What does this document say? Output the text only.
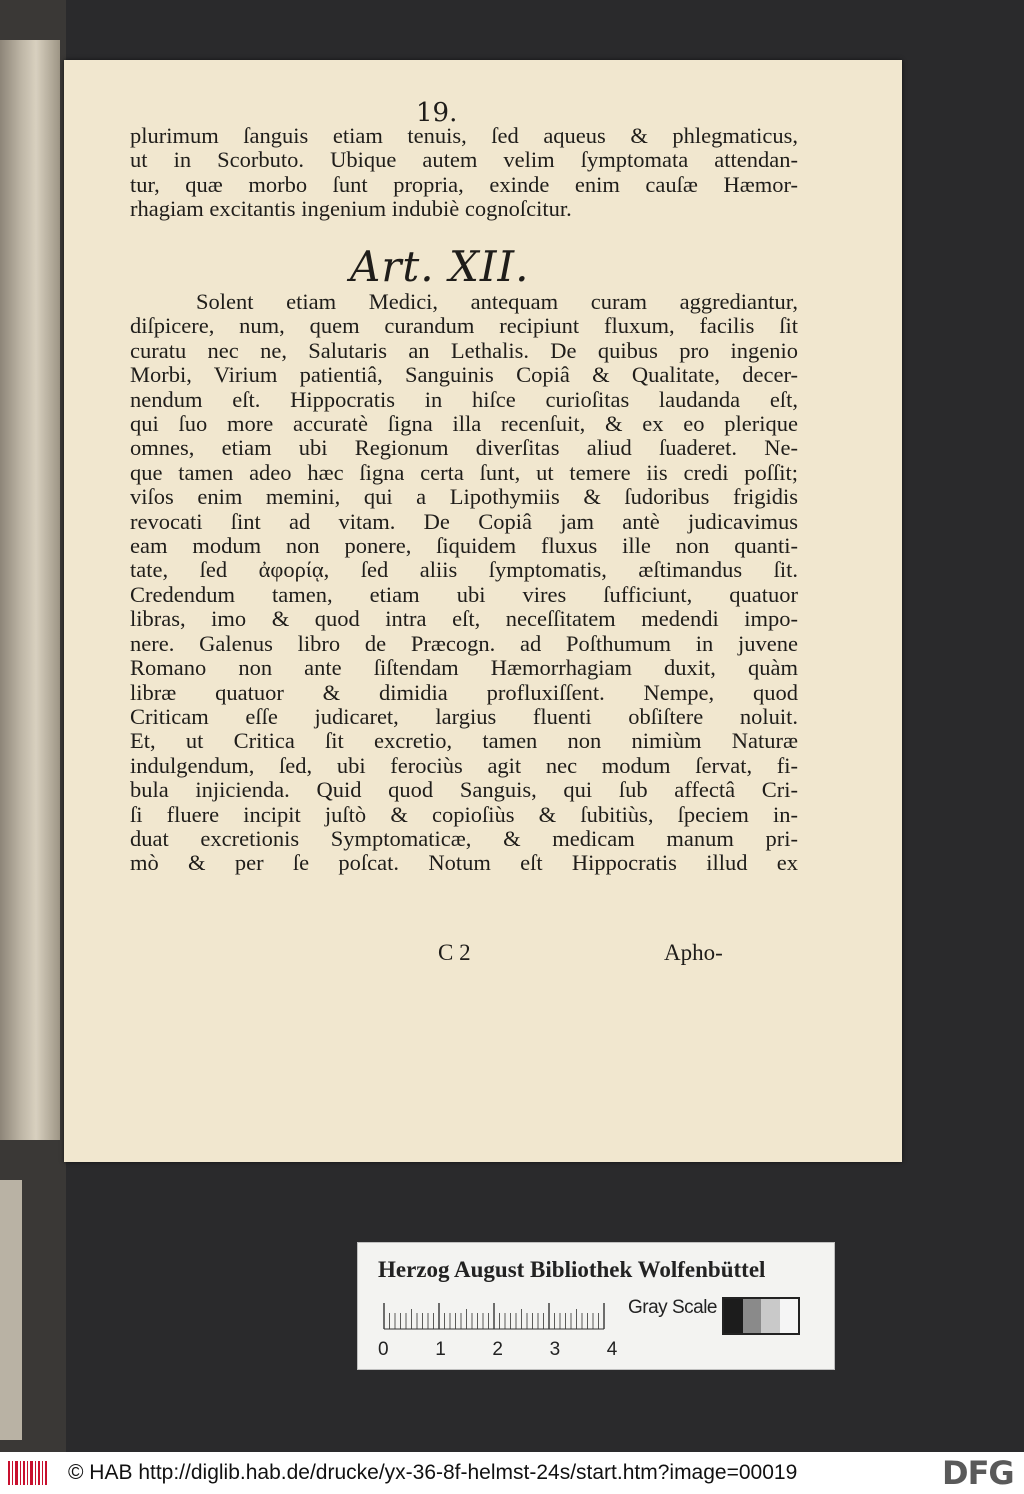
19.
plurimum ſanguis etiam tenuis, ſed aqueus & phlegmaticus,
ut in Scorbuto. Ubique autem velim ſymptomata attendan-
tur, quæ morbo ſunt propria, exinde enim cauſæ Hæmor-
rhagiam excitantis ingenium indubiè cognoſcitur.
Art. XII.
Solent etiam Medici, antequam curam aggrediantur,
diſpicere, num, quem curandum recipiunt fluxum, facilis ſit
curatu nec ne, Salutaris an Lethalis. De quibus pro ingenio
Morbi, Virium patientiâ, Sanguinis Copiâ & Qualitate, decer-
nendum eſt. Hippocratis in hiſce curioſitas laudanda eſt,
qui ſuo more accuratè ſigna illa recenſuit, & ex eo plerique
omnes, etiam ubi Regionum diverſitas aliud ſuaderet. Ne-
que tamen adeo hæc ſigna certa ſunt, ut temere iis credi poſſit;
viſos enim memini, qui a Lipothymiis & ſudoribus frigidis
revocati ſint ad vitam. De Copiâ jam antè judicavimus
eam modum non ponere, ſiquidem fluxus ille non quanti-
tate, ſed ἀφορίᾳ, ſed aliis ſymptomatis, æſtimandus ſit.
Credendum tamen, etiam ubi vires ſufficiunt, quatuor
libras, imo & quod intra eſt, neceſſitatem medendi impo-
nere. Galenus libro de Præcogn. ad Poſthumum in juvene
Romano non ante ſiſtendam Hæmorrhagiam duxit, quàm
libræ quatuor & dimidia profluxiſſent. Nempe, quod
Criticam eſſe judicaret, largius fluenti obſiſtere noluit.
Et, ut Critica ſit excretio, tamen non nimiùm Naturæ
indulgendum, ſed, ubi ferociùs agit nec modum ſervat, fi-
bula injicienda. Quid quod Sanguis, qui ſub affectâ Cri-
ſi fluere incipit juſtò & copioſiùs & ſubitiùs, ſpeciem in-
duat excretionis Symptomaticæ, & medicam manum pri-
mò & per ſe poſcat. Notum eſt Hippocratis illud ex
C 2	Apho-
Herzog August Bibliothek Wolfenbüttel
0 1 2 3 4
Gray Scale
© HAB http://diglib.hab.de/drucke/yx-36-8f-helmst-24s/start.htm?image=00019	DFG
